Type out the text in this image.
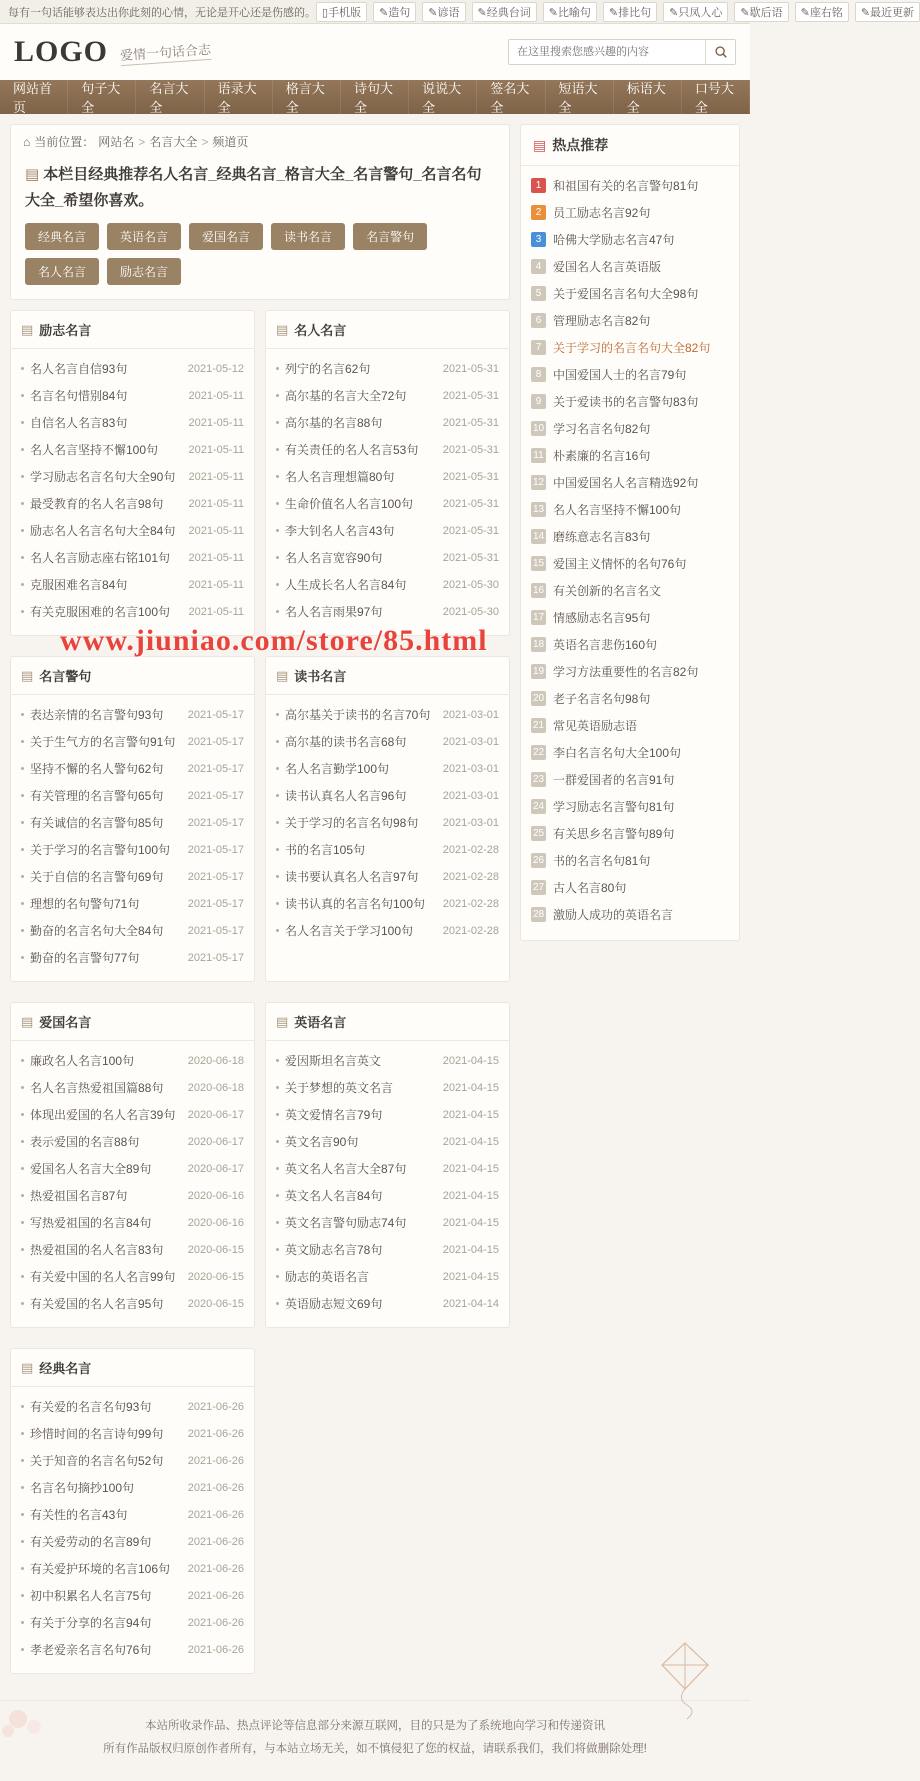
每有一句话能够表达出你此刻的心情，无论是开心还是伤感的。 ▯手机版	✎造句	✎谚语	✎经典台词	✎比喻句	✎排比句	✎只凤人心	✎歇后语	✎座右铭	✎最近更新
LOGO 爱情一句话合志
在这里搜索您感兴趣的内容
网站首页
句子大全
名言大全
语录大全
格言大全
诗句大全
说说大全
签名大全
短语大全
标语大全
口号大全
⌂ 当前位置： 网站名 > 名言大全 > 频道页
▤ 本栏目经典推荐名人名言_经典名言_格言大全_名言警句_名言名句大全_希望你喜欢。
经典名言	英语名言	爱国名言	读书名言	名言警句
名人名言	励志名言
▤ 励志名言
名人名言自信93句	2021-05-12
名言名句惜别84句	2021-05-11
自信名人名言83句	2021-05-11
名人名言坚持不懈100句	2021-05-11
学习励志名言名句大全90句	2021-05-11
最受教育的名人名言98句	2021-05-11
励志名人名言名句大全84句	2021-05-11
名人名言励志座右铭101句	2021-05-11
克服困难名言84句	2021-05-11
有关克服困难的名言100句	2021-05-11
▤ 名人名言
列宁的名言62句	2021-05-31
高尔基的名言大全72句	2021-05-31
高尔基的名言88句	2021-05-31
有关责任的名人名言53句	2021-05-31
名人名言理想篇80句	2021-05-31
生命价值名人名言100句	2021-05-31
李大钊名人名言43句	2021-05-31
名人名言宽容90句	2021-05-31
人生成长名人名言84句	2021-05-30
名人名言雨果97句	2021-05-30
▤ 名言警句
表达亲情的名言警句93句	2021-05-17
关于生气方的名言警句91句	2021-05-17
坚持不懈的名人警句62句	2021-05-17
有关管理的名言警句65句	2021-05-17
有关诚信的名言警句85句	2021-05-17
关于学习的名言警句100句	2021-05-17
关于自信的名言警句69句	2021-05-17
理想的名句警句71句	2021-05-17
勤奋的名言名句大全84句	2021-05-17
勤奋的名言警句77句	2021-05-17
▤ 读书名言
高尔基关于读书的名言70句	2021-03-01
高尔基的读书名言68句	2021-03-01
名人名言勤学100句	2021-03-01
读书认真名人名言96句	2021-03-01
关于学习的名言名句98句	2021-03-01
书的名言105句	2021-02-28
读书要认真名人名言97句	2021-02-28
读书认真的名言名句100句	2021-02-28
名人名言关于学习100句	2021-02-28
▤ 爱国名言
廉政名人名言100句	2020-06-18
名人名言热爱祖国篇88句	2020-06-18
体现出爱国的名人名言39句	2020-06-17
表示爱国的名言88句	2020-06-17
爱国名人名言大全89句	2020-06-17
热爱祖国名言87句	2020-06-16
写热爱祖国的名言84句	2020-06-16
热爱祖国的名人名言83句	2020-06-15
有关爱中国的名人名言99句	2020-06-15
有关爱国的名人名言95句	2020-06-15
▤ 英语名言
爱因斯坦名言英文	2021-04-15
关于梦想的英文名言	2021-04-15
英文爱情名言79句	2021-04-15
英文名言90句	2021-04-15
英文名人名言大全87句	2021-04-15
英文名人名言84句	2021-04-15
英文名言警句励志74句	2021-04-15
英文励志名言78句	2021-04-15
励志的英语名言	2021-04-15
英语励志短文69句	2021-04-14
▤ 经典名言
有关爱的名言名句93句	2021-06-26
珍惜时间的名言诗句99句	2021-06-26
关于知音的名言名句52句	2021-06-26
名言名句摘抄100句	2021-06-26
有关性的名言43句	2021-06-26
有关爱劳动的名言89句	2021-06-26
有关爱护环境的名言106句	2021-06-26
初中积累名人名言75句	2021-06-26
有关于分享的名言94句	2021-06-26
孝老爱亲名言名句76句	2021-06-26
▤ 热点推荐
1 和祖国有关的名言警句81句
2 员工励志名言92句
3 哈佛大学励志名言47句
4 爱国名人名言英语版
5 关于爱国名言名句大全98句
6 管理励志名言82句
7 关于学习的名言名句大全82句
8 中国爱国人士的名言79句
9 关于爱读书的名言警句83句
10 学习名言名句82句
11 朴素廉的名言16句
12 中国爱国名人名言精选92句
13 名人名言坚持不懈100句
14 磨练意志名言83句
15 爱国主义情怀的名句76句
16 有关创新的名言名文
17 情感励志名言95句
18 英语名言悲伤160句
19 学习方法重要性的名言82句
20 老子名言名句98句
21 常见英语励志语
22 李白名言名句大全100句
23 一群爱国者的名言91句
24 学习励志名言警句81句
25 有关思乡名言警句89句
26 书的名言名句81句
27 古人名言80句
28 激励人成功的英语名言
www.jiuniao.com/store/85.html
本站所收录作品、热点评论等信息部分来源互联网，目的只是为了系统地向学习和传递资讯
所有作品版权归原创作者所有，与本站立场无关，如不慎侵犯了您的权益，请联系我们，我们将做删除处理!
